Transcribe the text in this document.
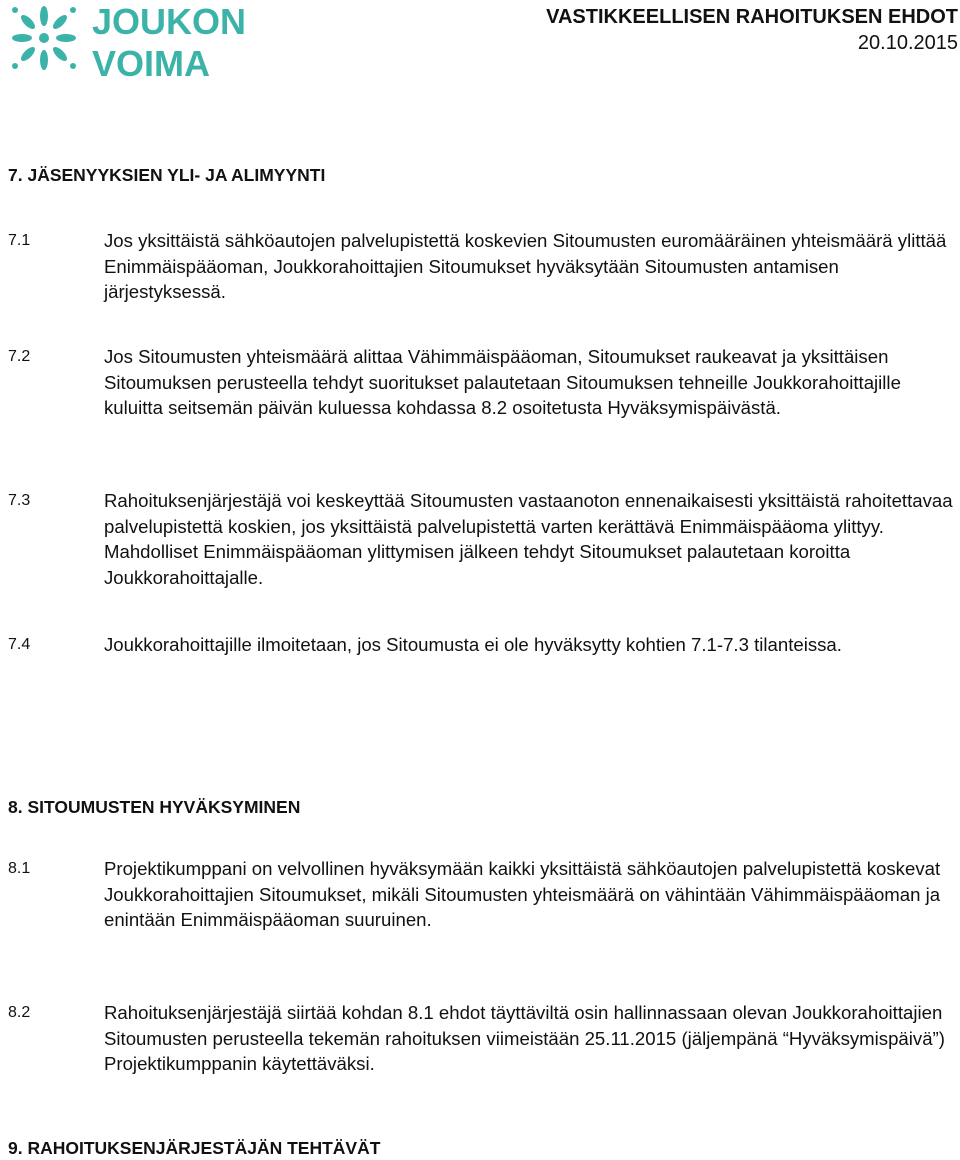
JOUKON
VOIMA
VASTIKKEELLISEN RAHOITUKSEN EHDOT
20.10.2015
7. JÄSENYYKSIEN YLI- JA ALIMYYNTI
7.1	Jos yksittäistä sähköautojen palvelupistettä koskevien Sitoumusten euromääräinen yhteismäärä ylittää Enimmäispääoman, Joukkorahoittajien Sitoumukset hyväksytään Sitoumusten antamisen järjestyksessä.
7.2	Jos Sitoumusten yhteismäärä alittaa Vähimmäispääoman, Sitoumukset raukeavat ja yksittäisen Sitoumuksen perusteella tehdyt suoritukset palautetaan Sitoumuksen tehneille Joukkorahoittajille kuluitta seitsemän päivän kuluessa kohdassa 8.2 osoitetusta Hyväksymispäivästä.
7.3	Rahoituksenjärjestäjä voi keskeyttää Sitoumusten vastaanoton ennenaikaisesti yksittäistä rahoitettavaa palvelupistettä koskien, jos yksittäistä palvelupistettä varten kerättävä Enimmäispääoma ylittyy. Mahdolliset Enimmäispääoman ylittymisen jälkeen tehdyt Sitoumukset palautetaan koroitta Joukkorahoittajalle.
7.4	Joukkorahoittajille ilmoitetaan, jos Sitoumusta ei ole hyväksytty kohtien 7.1-7.3 tilanteissa.
8. SITOUMUSTEN HYVÄKSYMINEN
8.1	Projektikumppani on velvollinen hyväksymään kaikki yksittäistä sähköautojen palvelupistettä koskevat Joukkorahoittajien Sitoumukset, mikäli Sitoumusten yhteismäärä on vähintään Vähimmäispääoman ja enintään Enimmäispääoman suuruinen.
8.2	Rahoituksenjärjestäjä siirtää kohdan 8.1 ehdot täyttäviltä osin hallinnassaan olevan Joukkorahoittajien Sitoumusten perusteella tekemän rahoituksen viimeistään 25.11.2015 (jäljempänä “Hyväksymispäivä”) Projektikumppanin käytettäväksi.
9. RAHOITUKSENJÄRJESTÄJÄN TEHTÄVÄT
